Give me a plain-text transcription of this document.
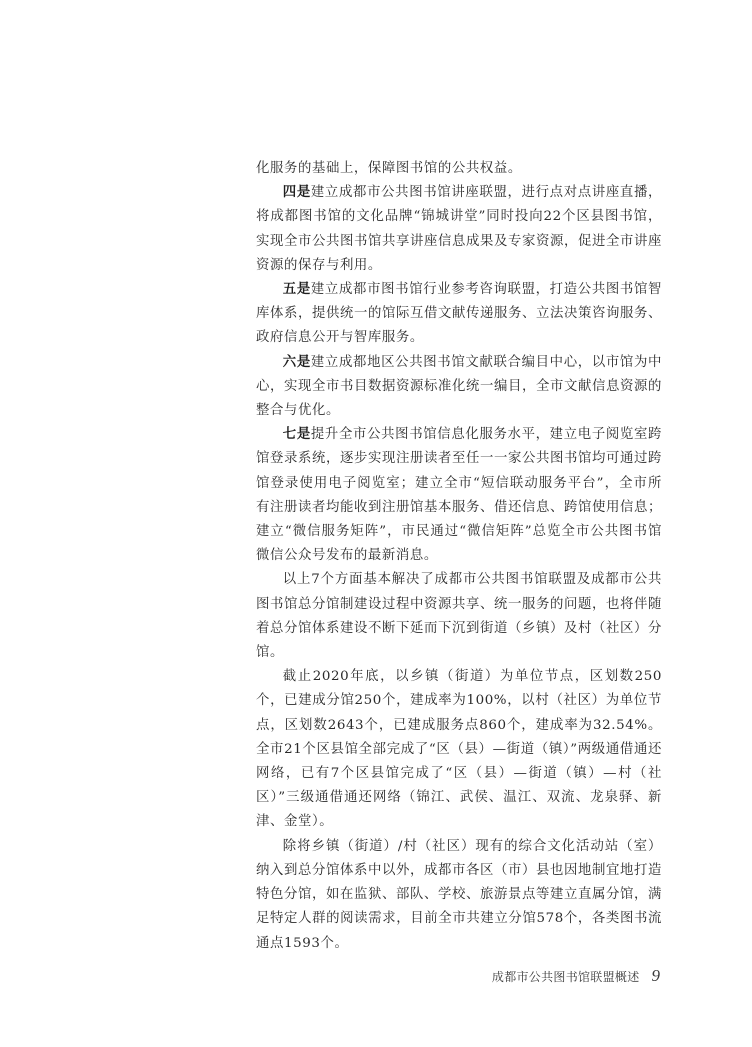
化服务的基础上，保障图书馆的公共权益。

四是建立成都市公共图书馆讲座联盟，进行点对点讲座直播，将成都图书馆的文化品牌“锦城讲堂”同时投向22个区县图书馆，实现全市公共图书馆共享讲座信息成果及专家资源，促进全市讲座资源的保存与利用。

五是建立成都市图书馆行业参考咨询联盟，打造公共图书馆智库体系，提供统一的馆际互借文献传递服务、立法决策咨询服务、政府信息公开与智库服务。

六是建立成都地区公共图书馆文献联合编目中心，以市馆为中心，实现全市书目数据资源标准化统一编目，全市文献信息资源的整合与优化。

七是提升全市公共图书馆信息化服务水平，建立电子阅览室跨馆登录系统，逐步实现注册读者至任一一家公共图书馆均可通过跨馆登录使用电子阅览室；建立全市“短信联动服务平台”，全市所有注册读者均能收到注册馆基本服务、借还信息、跨馆使用信息；建立“微信服务矩阵”，市民通过“微信矩阵”总览全市公共图书馆微信公众号发布的最新消息。

以上7个方面基本解决了成都市公共图书馆联盟及成都市公共图书馆总分馆制建设过程中资源共享、统一服务的问题，也将伴随着总分馆体系建设不断下延而下沉到街道（乡镇）及村（社区）分馆。

截止2020年底，以乡镇（街道）为单位节点，区划数250个，已建成分馆250个，建成率为100%，以村（社区）为单位节点，区划数2643个，已建成服务点860个，建成率为32.54%。全市21个区县馆全部完成了“区（县）—街道（镇）”两级通借通还网络，已有7个区县馆完成了“区（县）—街道（镇）—村（社区）”三级通借通还网络（锦江、武侯、温江、双流、龙泉驿、新津、金堂）。

除将乡镇（街道）/村（社区）现有的综合文化活动站（室）纳入到总分馆体系中以外，成都市各区（市）县也因地制宜地打造特色分馆，如在监狱、部队、学校、旅游景点等建立直属分馆，满足特定人群的阅读需求，目前全市共建立分馆578个，各类图书流通点1593个。

成都市公共图书馆联盟概述 9
